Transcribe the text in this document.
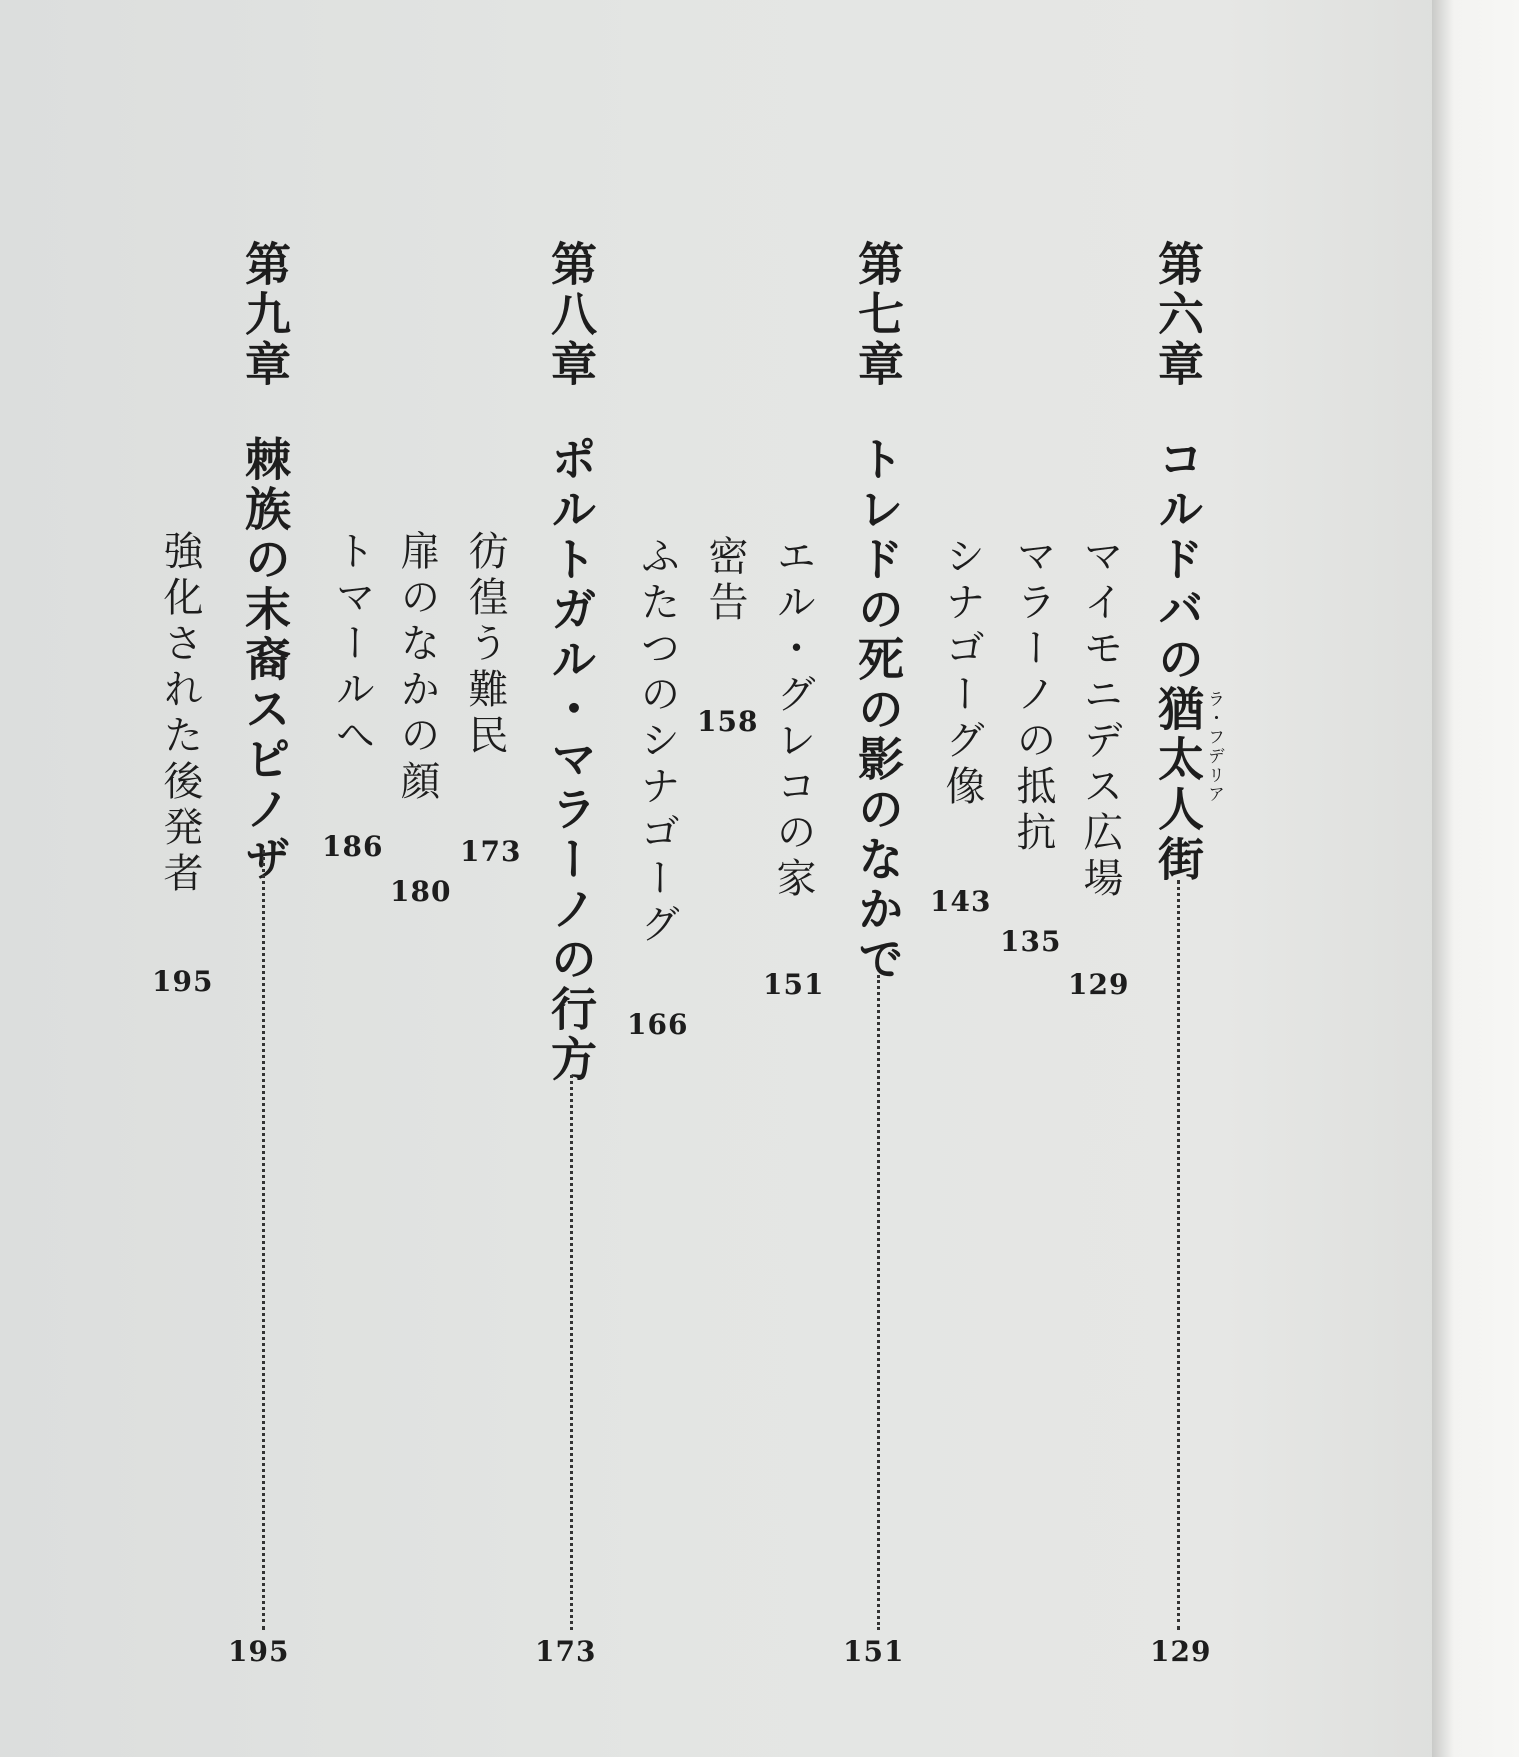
第六章
コルドバの猶太人街 ラ・フデリア
129
マイモニデス広場
129
マラーノの抵抗
135
シナゴーグ像
143
第七章
トレドの死の影のなかで
151
エル・グレコの家
151
密告
158
ふたつのシナゴーグ
166
第八章
ポルトガル・マラーノの行方
173
彷徨う難民
173
扉のなかの顔
180
トマールへ
186
第九章
棘族の末裔スピノザ
195
強化された後発者
195
